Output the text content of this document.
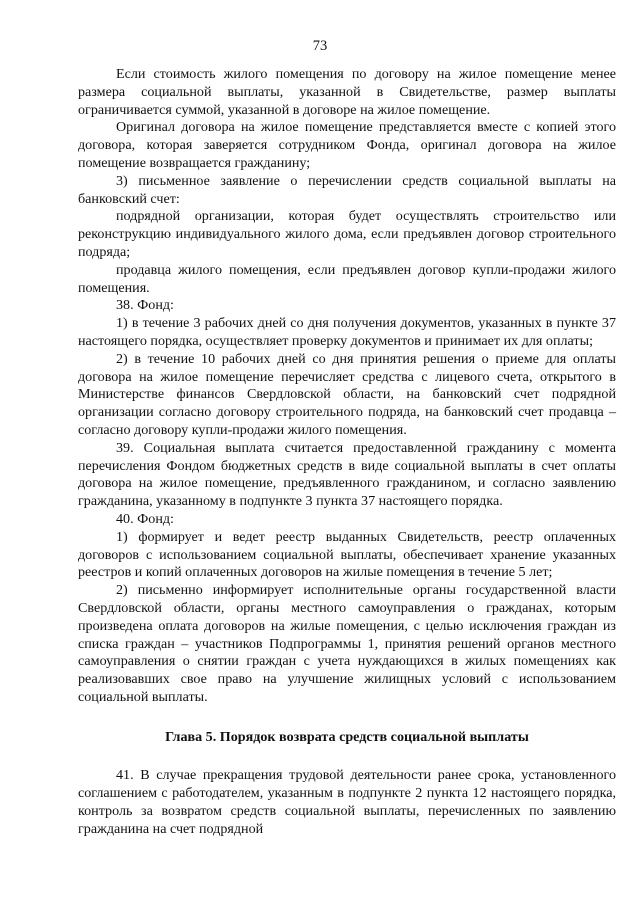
73

Если стоимость жилого помещения по договору на жилое помещение менее размера социальной выплаты, указанной в Свидетельстве, размер выплаты ограничивается суммой, указанной в договоре на жилое помещение.

Оригинал договора на жилое помещение представляется вместе с копией этого договора, которая заверяется сотрудником Фонда, оригинал договора на жилое помещение возвращается гражданину;

3) письменное заявление о перечислении средств социальной выплаты на банковский счет:

подрядной организации, которая будет осуществлять строительство или реконструкцию индивидуального жилого дома, если предъявлен договор строительного подряда;

продавца жилого помещения, если предъявлен договор купли-продажи жилого помещения.

38. Фонд:

1) в течение 3 рабочих дней со дня получения документов, указанных в пункте 37 настоящего порядка, осуществляет проверку документов и принимает их для оплаты;

2) в течение 10 рабочих дней со дня принятия решения о приеме для оплаты договора на жилое помещение перечисляет средства с лицевого счета, открытого в Министерстве финансов Свердловской области, на банковский счет подрядной организации согласно договору строительного подряда, на банковский счет продавца – согласно договору купли-продажи жилого помещения.

39. Социальная выплата считается предоставленной гражданину с момента перечисления Фондом бюджетных средств в виде социальной выплаты в счет оплаты договора на жилое помещение, предъявленного гражданином, и согласно заявлению гражданина, указанному в подпункте 3 пункта 37 настоящего порядка.

40. Фонд:

1) формирует и ведет реестр выданных Свидетельств, реестр оплаченных договоров с использованием социальной выплаты, обеспечивает хранение указанных реестров и копий оплаченных договоров на жилые помещения в течение 5 лет;

2) письменно информирует исполнительные органы государственной власти Свердловской области, органы местного самоуправления о гражданах, которым произведена оплата договоров на жилые помещения, с целью исключения граждан из списка граждан – участников Подпрограммы 1, принятия решений органов местного самоуправления о снятии граждан с учета нуждающихся в жилых помещениях как реализовавших свое право на улучшение жилищных условий с использованием социальной выплаты.

Глава 5. Порядок возврата средств социальной выплаты

41. В случае прекращения трудовой деятельности ранее срока, установленного соглашением с работодателем, указанным в подпункте 2 пункта 12 настоящего порядка, контроль за возвратом средств социальной выплаты, перечисленных по заявлению гражданина на счет подрядной
